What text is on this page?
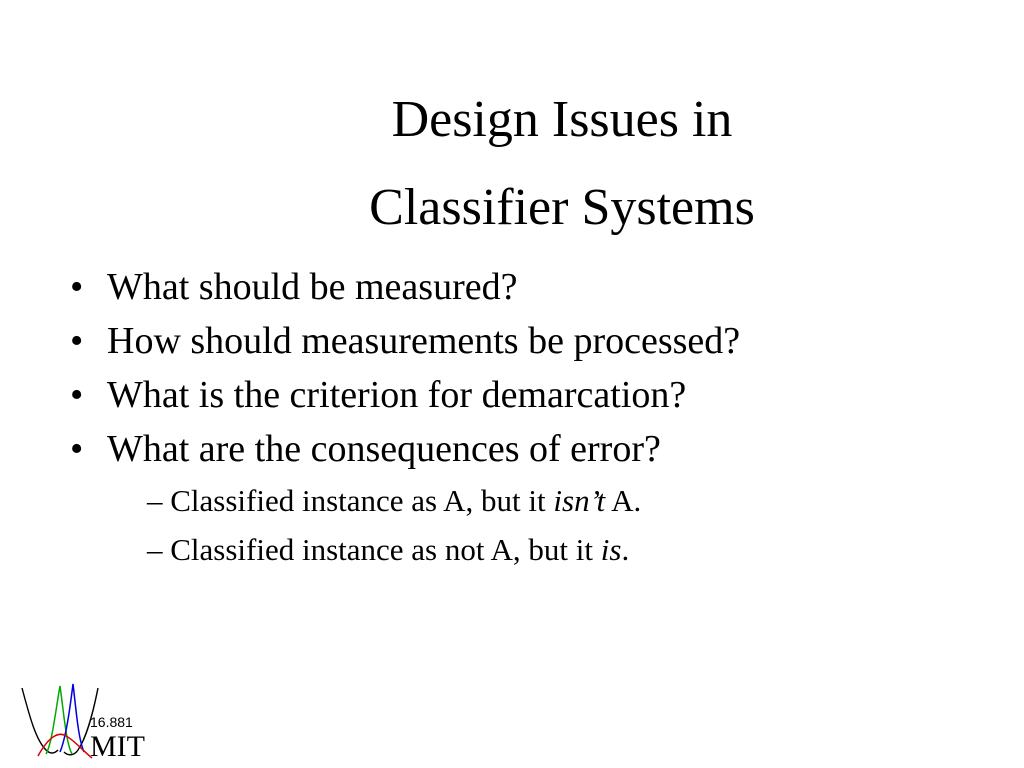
Design Issues in
Classifier Systems
• What should be measured?
• How should measurements be processed?
• What is the criterion for demarcation?
• What are the consequences of error?
– Classified instance as A, but it isn’t A.
– Classified instance as not A, but it is.
16.881
MIT
